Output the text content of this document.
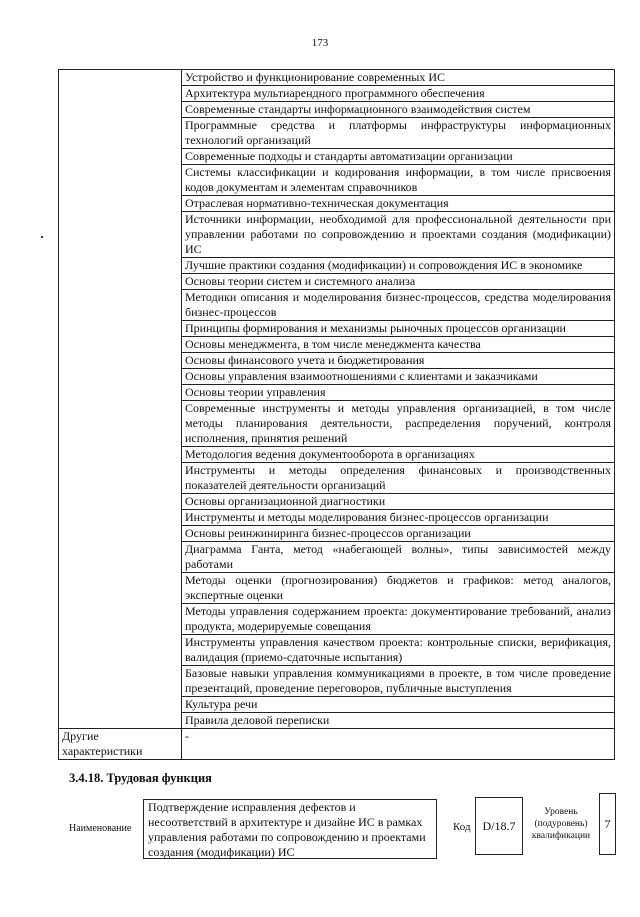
173
	Устройство и функционирование современных ИС
	Архитектура мультиарендного программного обеспечения
	Современные стандарты информационного взаимодействия систем
	Программные средства и платформы инфраструктуры информационных технологий организаций
	Современные подходы и стандарты автоматизации организации
	Системы классификации и кодирования информации, в том числе присвоения кодов документам и элементам справочников
	Отраслевая нормативно-техническая документация
	Источники информации, необходимой для профессиональной деятельности при управлении работами по сопровождению и проектами создания (модификации) ИС
	Лучшие практики создания (модификации) и сопровождения ИС в экономике
	Основы теории систем и системного анализа
	Методики описания и моделирования бизнес-процессов, средства моделирования бизнес-процессов
	Принципы формирования и механизмы рыночных процессов организации
	Основы менеджмента, в том числе менеджмента качества
	Основы финансового учета и бюджетирования
	Основы управления взаимоотношениями с клиентами и заказчиками
	Основы теории управления
	Современные инструменты и методы управления организацией, в том числе методы планирования деятельности, распределения поручений, контроля исполнения, принятия решений
	Методология ведения документооборота в организациях
	Инструменты и методы определения финансовых и производственных показателей деятельности организаций
	Основы организационной диагностики
	Инструменты и методы моделирования бизнес-процессов организации
	Основы реинжиниринга бизнес-процессов организации
	Диаграмма Ганта, метод «набегающей волны», типы зависимостей между работами
	Методы оценки (прогнозирования) бюджетов и графиков: метод аналогов, экспертные оценки
	Методы управления содержанием проекта: документирование требований, анализ продукта, модерируемые совещания
	Инструменты управления качеством проекта: контрольные списки, верификация, валидация (приемо-сдаточные испытания)
	Базовые навыки управления коммуникациями в проекте, в том числе проведение презентаций, проведение переговоров, публичные выступления
	Культура речи
	Правила деловой переписки
Другие характеристики	-
3.4.18. Трудовая функция
Наименование
Подтверждение исправления дефектов и несоответствий в архитектуре и дизайне ИС в рамках управления работами по сопровождению и проектами создания (модификации) ИС
Код D/18.7
Уровень (подуровень) квалификации
7
